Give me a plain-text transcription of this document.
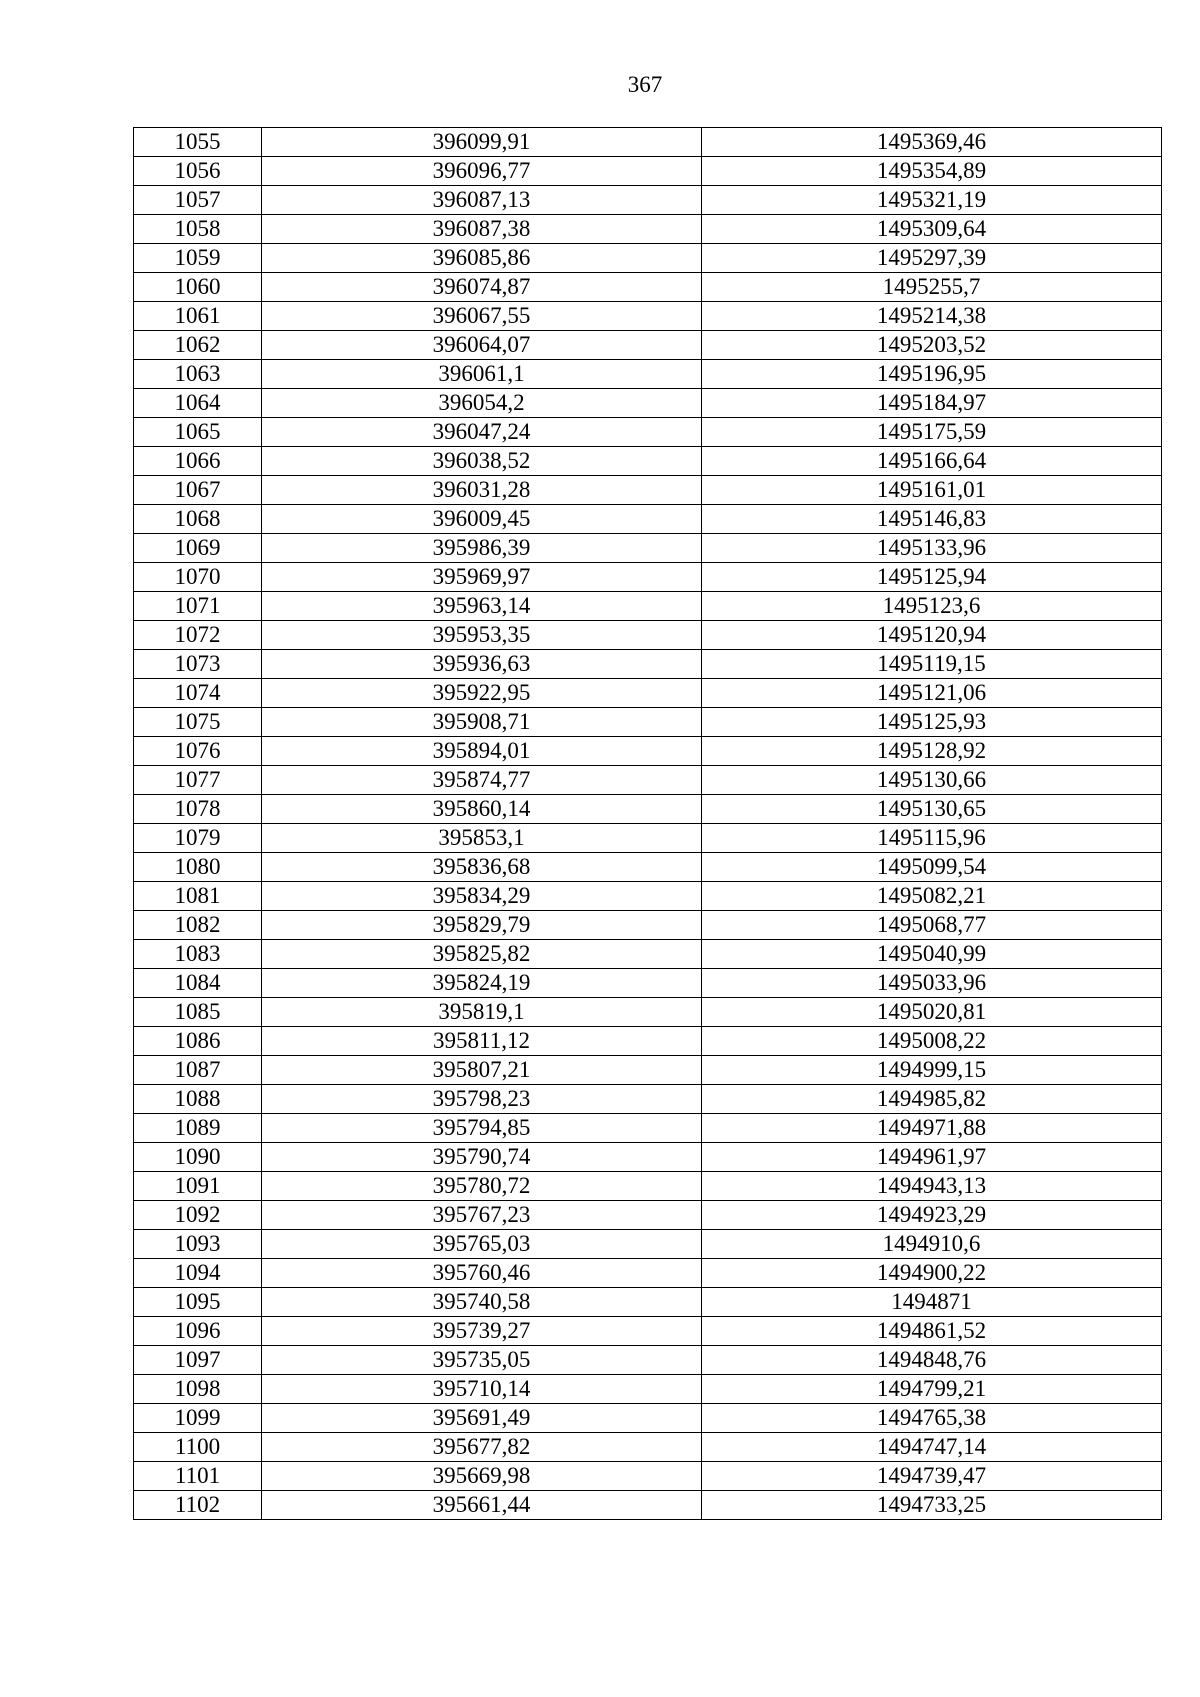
367
1055	396099,91	1495369,46
1056	396096,77	1495354,89
1057	396087,13	1495321,19
1058	396087,38	1495309,64
1059	396085,86	1495297,39
1060	396074,87	1495255,7
1061	396067,55	1495214,38
1062	396064,07	1495203,52
1063	396061,1	1495196,95
1064	396054,2	1495184,97
1065	396047,24	1495175,59
1066	396038,52	1495166,64
1067	396031,28	1495161,01
1068	396009,45	1495146,83
1069	395986,39	1495133,96
1070	395969,97	1495125,94
1071	395963,14	1495123,6
1072	395953,35	1495120,94
1073	395936,63	1495119,15
1074	395922,95	1495121,06
1075	395908,71	1495125,93
1076	395894,01	1495128,92
1077	395874,77	1495130,66
1078	395860,14	1495130,65
1079	395853,1	1495115,96
1080	395836,68	1495099,54
1081	395834,29	1495082,21
1082	395829,79	1495068,77
1083	395825,82	1495040,99
1084	395824,19	1495033,96
1085	395819,1	1495020,81
1086	395811,12	1495008,22
1087	395807,21	1494999,15
1088	395798,23	1494985,82
1089	395794,85	1494971,88
1090	395790,74	1494961,97
1091	395780,72	1494943,13
1092	395767,23	1494923,29
1093	395765,03	1494910,6
1094	395760,46	1494900,22
1095	395740,58	1494871
1096	395739,27	1494861,52
1097	395735,05	1494848,76
1098	395710,14	1494799,21
1099	395691,49	1494765,38
1100	395677,82	1494747,14
1101	395669,98	1494739,47
1102	395661,44	1494733,25
